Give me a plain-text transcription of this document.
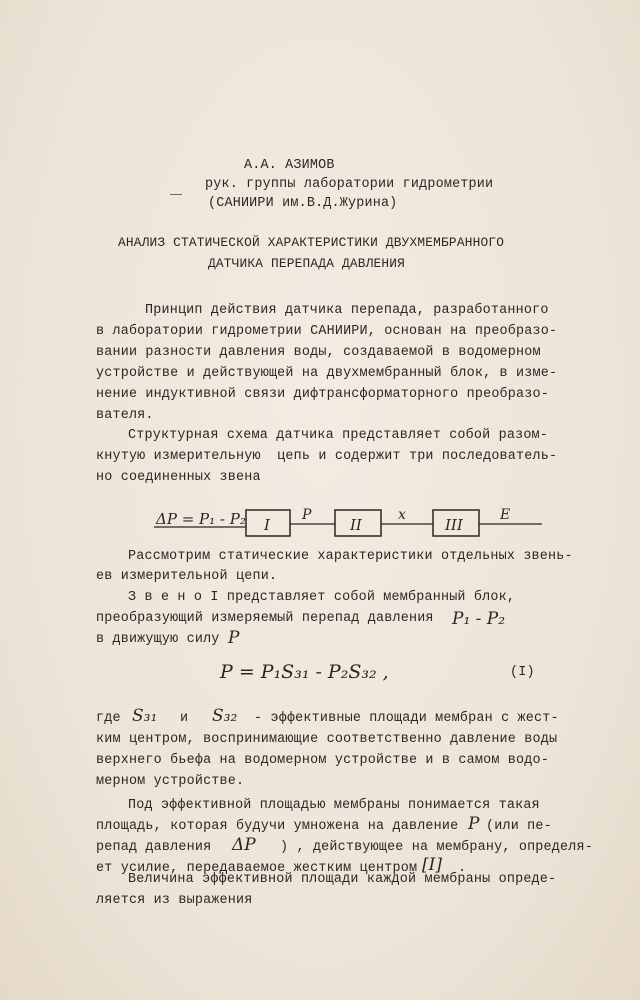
А.А. АЗИМОВ
рук. группы лаборатории гидрометрии
(САНИИРИ им.В.Д.Журина)
АНАЛИЗ СТАТИЧЕСКОЙ ХАРАКТЕРИСТИКИ ДВУХМЕМБРАННОГО
ДАТЧИКА ПЕРЕПАДА ДАВЛЕНИЯ
Принцип действия датчика перепада, разработанного
в лаборатории гидрометрии САНИИРИ, основан на преобразо-
вании разности давления воды, создаваемой в водомерном
устройстве и действующей на двухмембранный блок, в изме-
нение индуктивной связи дифтрансформаторного преобразо-
вателя.
Структурная схема датчика представляет собой разом-
кнутую измерительную  цепь и содержит три последователь-
но соединенных звена
ΔP = P₁ - P₂ I
P
II
x
III
E
Рассмотрим статические характеристики отдельных звень-
ев измерительной цепи.
З в е н о I представляет собой мембранный блок,
преобразующий измеряемый перепад давления P₁ - P₂
в движущую силу P
P = P₁S₃₁ - P₂S₃₂ ,	(I)
где S₃₁ и S₃₂ - эффективные площади мембран с жест-
ким центром, воспринимающие соответственно давление воды
верхнего бьефа на водомерном устройстве и в самом водо-
мерном устройстве.
Под эффективной площадью мембраны понимается такая
площадь, которая будучи умножена на давление P (или пе-
репад давления ΔP ) , действующее на мембрану, определя-
ет усилие, передаваемое жестким центром [I] .
Величина эффективной площади каждой мембраны опреде-
ляется из выражения
